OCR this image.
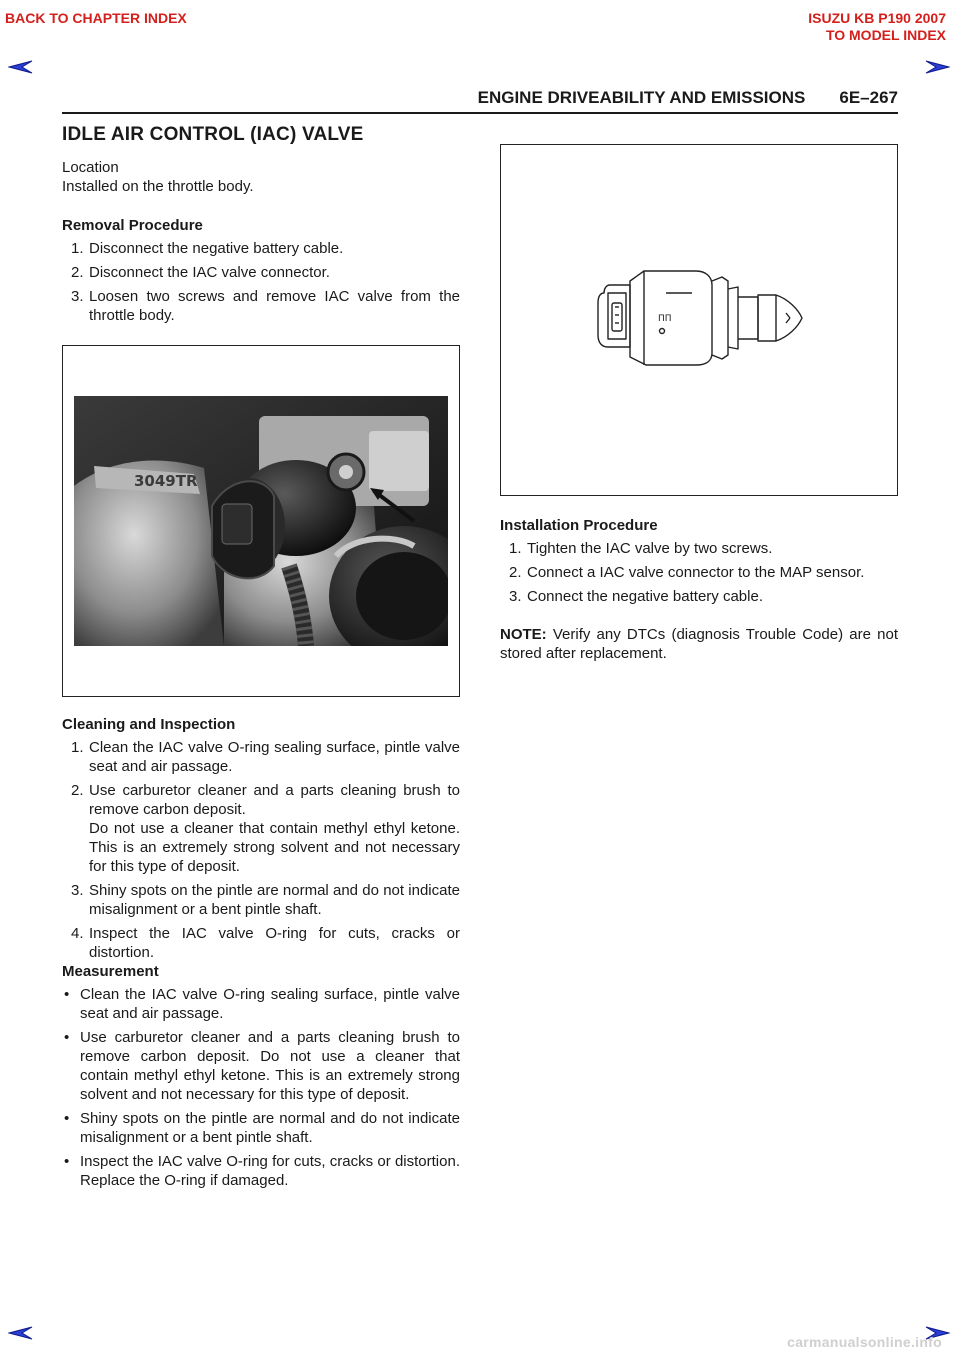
BACK TO CHAPTER INDEX	ISUZU KB P190 2007
TO MODEL INDEX
ENGINE DRIVEABILITY AND EMISSIONS 6E–267
IDLE AIR CONTROL (IAC) VALVE

Location

Installed on the throttle body.

Removal Procedure

1. Disconnect the negative battery cable.
2. Disconnect the IAC valve connector.
3. Loosen two screws and remove IAC valve from the throttle body.
3049TR

Cleaning and Inspection

1. Clean the IAC valve O-ring sealing surface, pintle valve seat and air passage.
2. Use carburetor cleaner and a parts cleaning brush to remove carbon deposit.
Do not use a cleaner that contain methyl ethyl ketone. This is an extremely strong solvent and not necessary for this type of deposit.
3. Shiny spots on the pintle are normal and do not indicate misalignment or a bent pintle shaft.
4. Inspect the IAC valve O-ring for cuts, cracks or distortion.

Measurement

• Clean the IAC valve O-ring sealing surface, pintle valve seat and air passage.
• Use carburetor cleaner and a parts cleaning brush to remove carbon deposit. Do not use a cleaner that contain methyl ethyl ketone. This is an extremely strong solvent and not necessary for this type of deposit.
• Shiny spots on the pintle are normal and do not indicate misalignment or a bent pintle shaft.
• Inspect the IAC valve O-ring for cuts, cracks or distortion. Replace the O-ring if damaged.
ПП

Installation Procedure

1. Tighten the IAC valve by two screws.
2. Connect a IAC valve connector to the MAP sensor.
3. Connect the negative battery cable.

NOTE: Verify any DTCs (diagnosis Trouble Code) are not stored after replacement.

carmanualsonline.info
